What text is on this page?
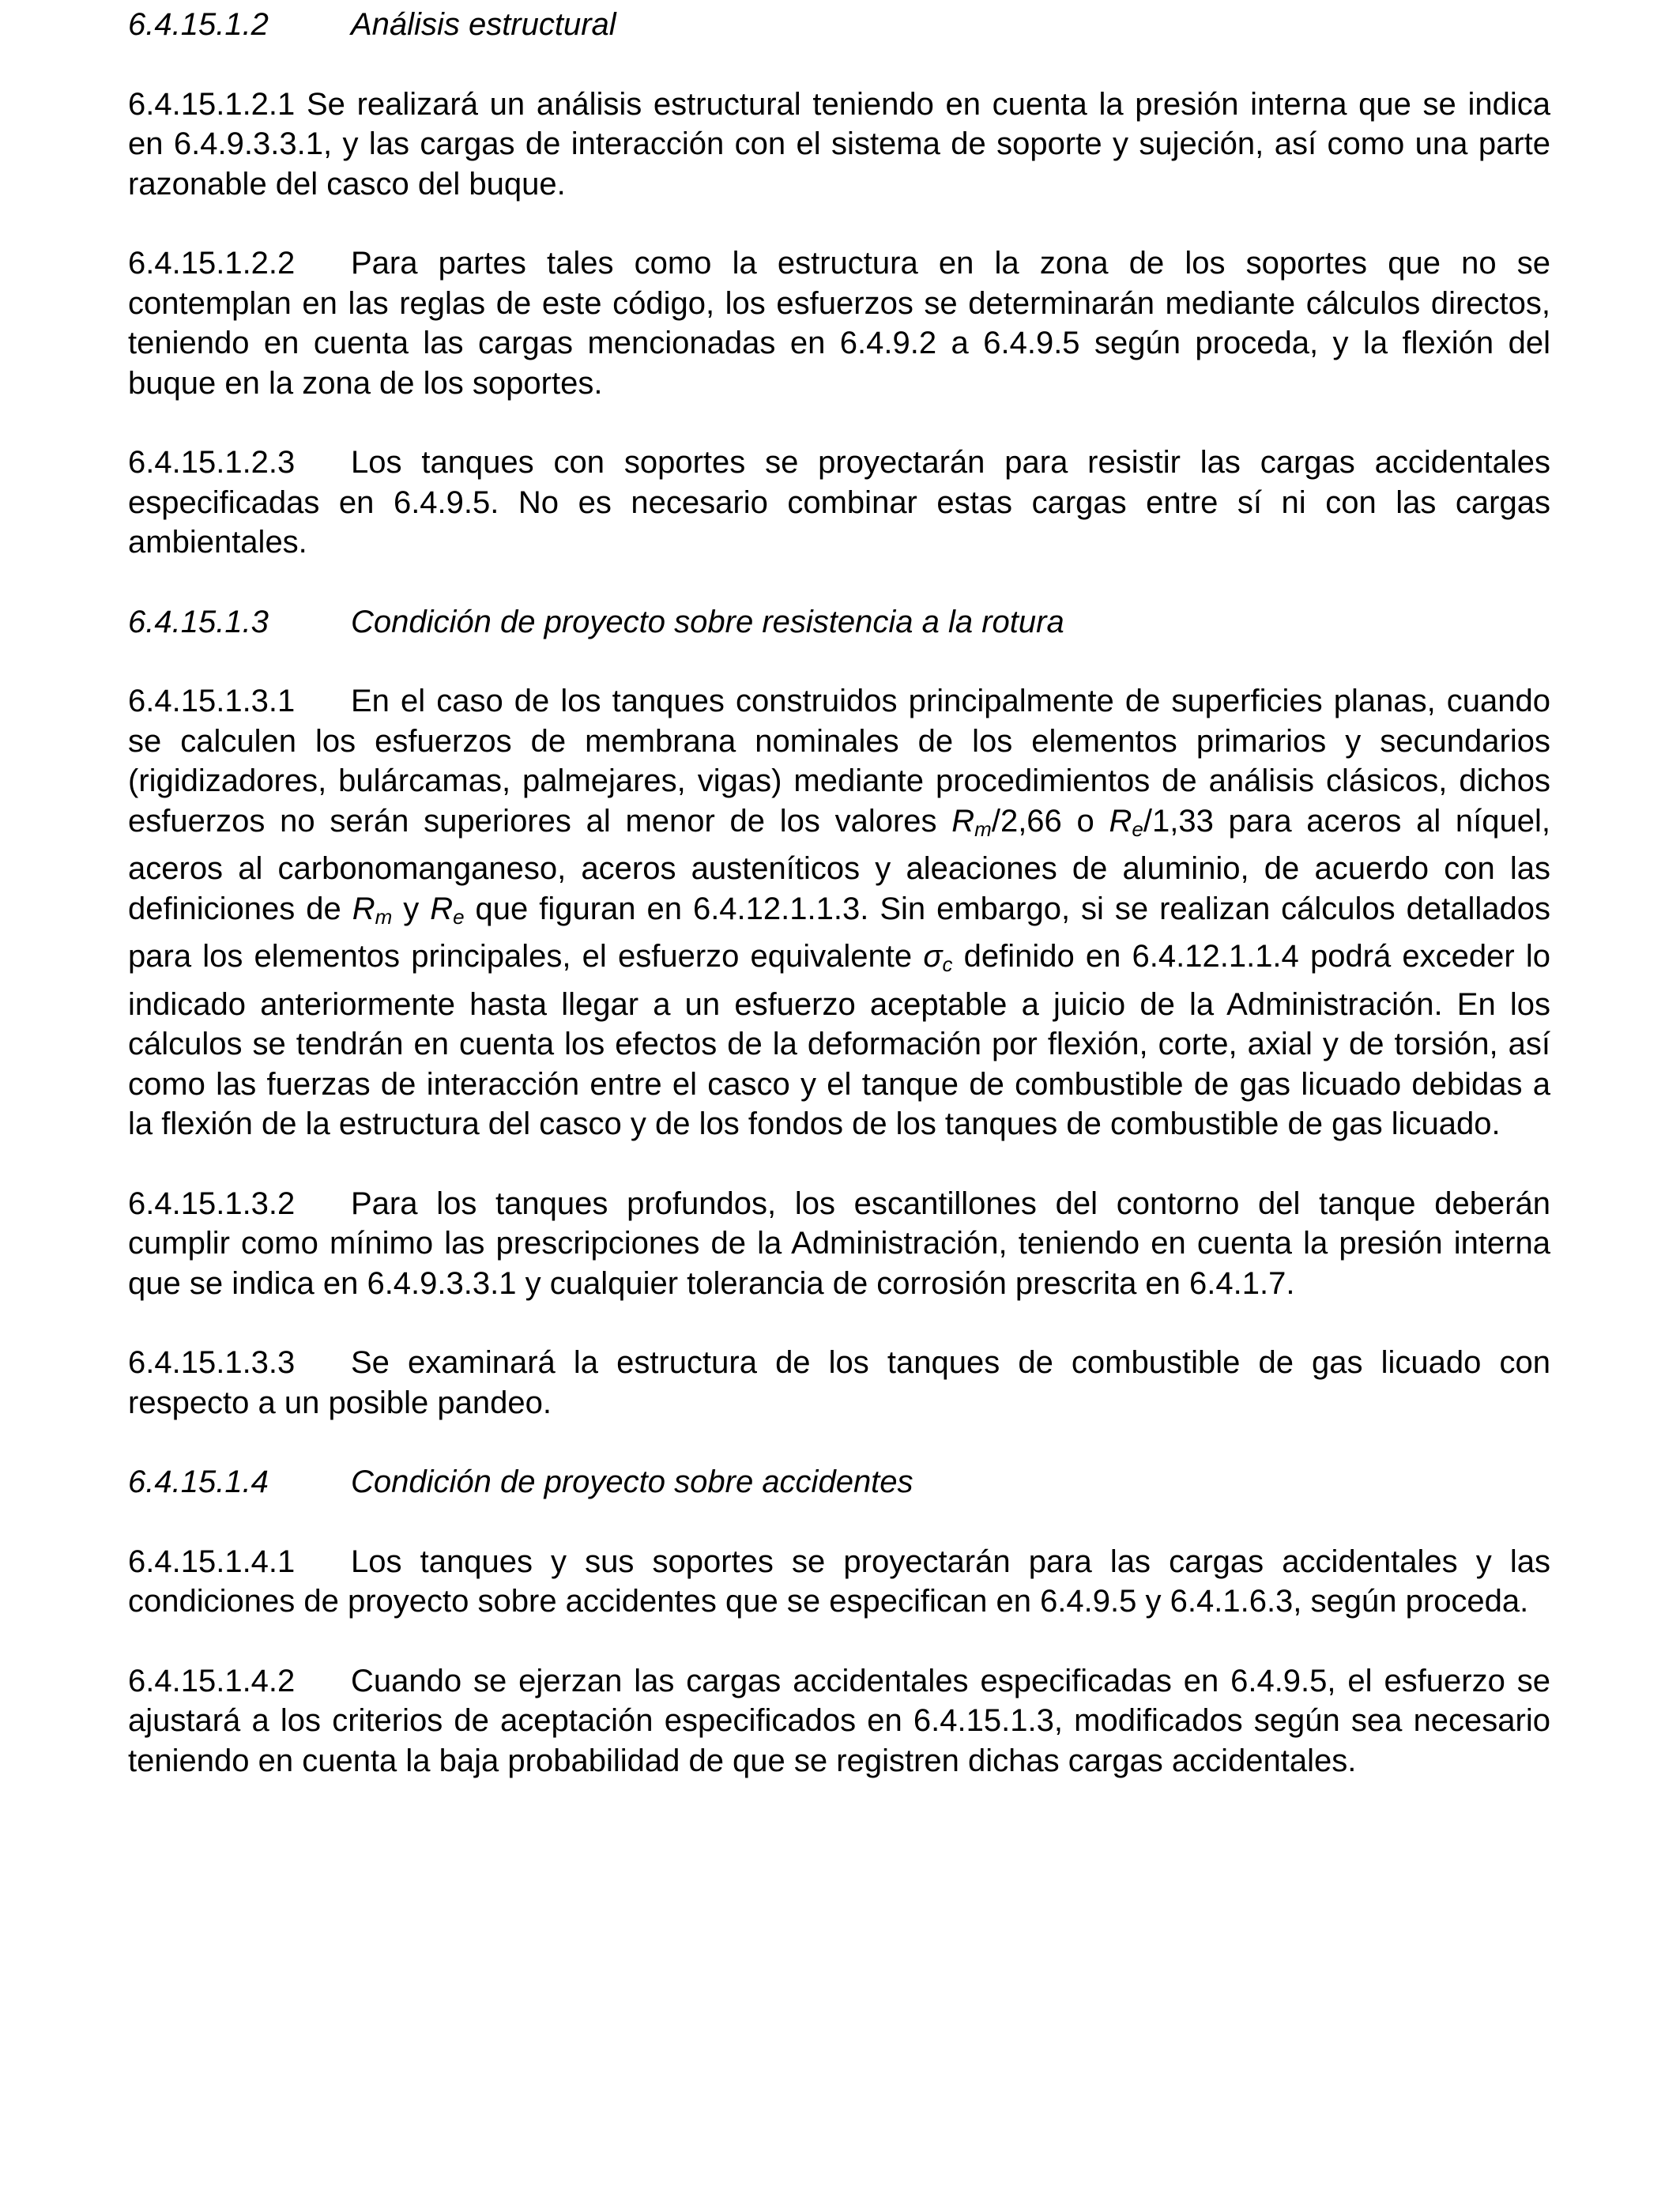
6.4.15.1.2	Análisis estructural

6.4.15.1.2.1 Se realizará un análisis estructural teniendo en cuenta la presión interna que se indica en 6.4.9.3.3.1, y las cargas de interacción con el sistema de soporte y sujeción, así como una parte razonable del casco del buque.

6.4.15.1.2.2 Para partes tales como la estructura en la zona de los soportes que no se contemplan en las reglas de este código, los esfuerzos se determinarán mediante cálculos directos, teniendo en cuenta las cargas mencionadas en 6.4.9.2 a 6.4.9.5 según proceda, y la flexión del buque en la zona de los soportes.

6.4.15.1.2.3 Los tanques con soportes se proyectarán para resistir las cargas accidentales especificadas en 6.4.9.5. No es necesario combinar estas cargas entre sí ni con las cargas ambientales.

6.4.15.1.3	Condición de proyecto sobre resistencia a la rotura

6.4.15.1.3.1 En el caso de los tanques construidos principalmente de superficies planas, cuando se calculen los esfuerzos de membrana nominales de los elementos primarios y secundarios (rigidizadores, bulárcamas, palmejares, vigas) mediante procedimientos de análisis clásicos, dichos esfuerzos no serán superiores al menor de los valores $R_m/2,66$ o $R_e/1,33$ para aceros al níquel, aceros al carbonomanganeso, aceros austeníticos y aleaciones de aluminio, de acuerdo con las definiciones de $R_m$ y $R_e$ que figuran en 6.4.12.1.1.3. Sin embargo, si se realizan cálculos detallados para los elementos principales, el esfuerzo equivalente $\sigma_c$ definido en 6.4.12.1.1.4 podrá exceder lo indicado anteriormente hasta llegar a un esfuerzo aceptable a juicio de la Administración. En los cálculos se tendrán en cuenta los efectos de la deformación por flexión, corte, axial y de torsión, así como las fuerzas de interacción entre el casco y el tanque de combustible de gas licuado debidas a la flexión de la estructura del casco y de los fondos de los tanques de combustible de gas licuado.

6.4.15.1.3.2 Para los tanques profundos, los escantillones del contorno del tanque deberán cumplir como mínimo las prescripciones de la Administración, teniendo en cuenta la presión interna que se indica en 6.4.9.3.3.1 y cualquier tolerancia de corrosión prescrita en 6.4.1.7.

6.4.15.1.3.3 Se examinará la estructura de los tanques de combustible de gas licuado con respecto a un posible pandeo.

6.4.15.1.4	Condición de proyecto sobre accidentes

6.4.15.1.4.1 Los tanques y sus soportes se proyectarán para las cargas accidentales y las condiciones de proyecto sobre accidentes que se especifican en 6.4.9.5 y 6.4.1.6.3, según proceda.

6.4.15.1.4.2 Cuando se ejerzan las cargas accidentales especificadas en 6.4.9.5, el esfuerzo se ajustará a los criterios de aceptación especificados en 6.4.15.1.3, modificados según sea necesario teniendo en cuenta la baja probabilidad de que se registren dichas cargas accidentales.
